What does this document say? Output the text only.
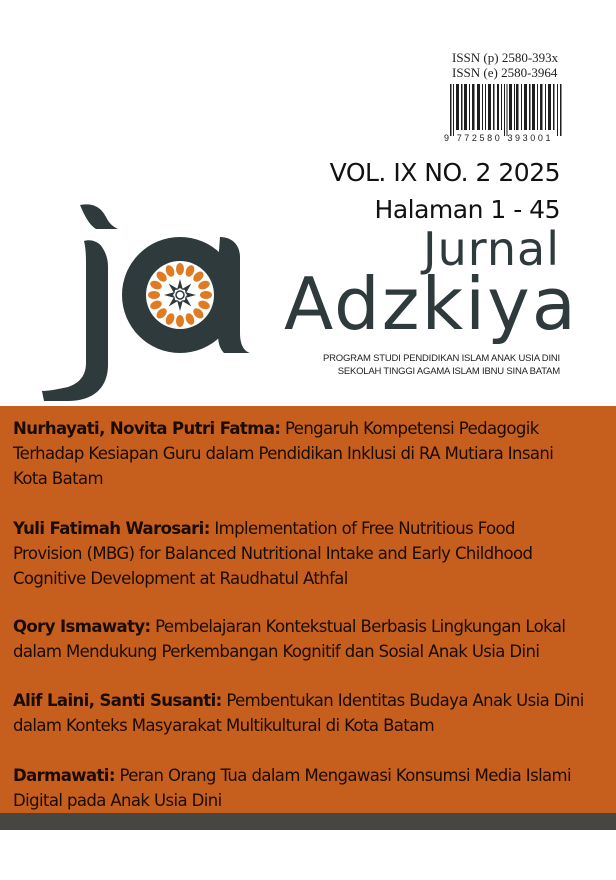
ISSN (p) 2580-393x
ISSN (e) 2580-3964
9 772580 393001
VOL. IX NO. 2 2025
Halaman 1 - 45
Jurnal
Adzkiya
PROGRAM STUDI PENDIDIKAN ISLAM ANAK USIA DINI
SEKOLAH TINGGI AGAMA ISLAM IBNU SINA BATAM
Nurhayati, Novita Putri Fatma: Pengaruh Kompetensi Pedagogik
Terhadap Kesiapan Guru dalam Pendidikan Inklusi di RA Mutiara Insani
Kota Batam
Yuli Fatimah Warosari: Implementation of Free Nutritious Food
Provision (MBG) for Balanced Nutritional Intake and Early Childhood
Cognitive Development at Raudhatul Athfal
Qory Ismawaty: Pembelajaran Kontekstual Berbasis Lingkungan Lokal
dalam Mendukung Perkembangan Kognitif dan Sosial Anak Usia Dini
Alif Laini, Santi Susanti: Pembentukan Identitas Budaya Anak Usia Dini
dalam Konteks Masyarakat Multikultural di Kota Batam
Darmawati: Peran Orang Tua dalam Mengawasi Konsumsi Media Islami
Digital pada Anak Usia Dini
